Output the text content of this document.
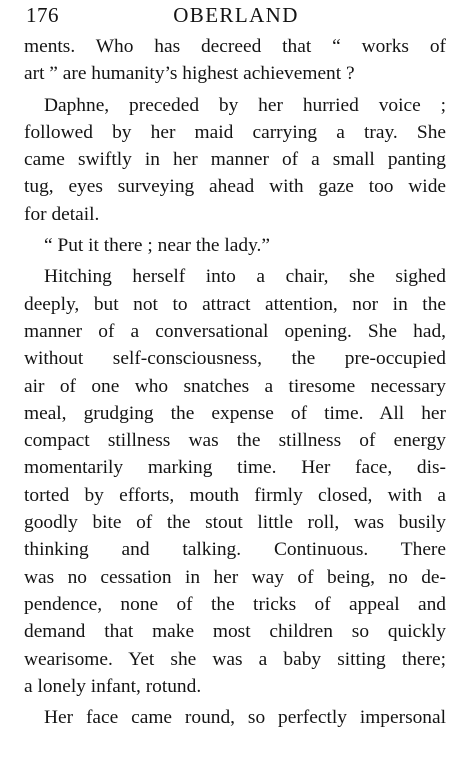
176	OBERLAND
ments. Who has decreed that “ works of
art ” are humanity’s highest achievement ?
Daphne, preceded by her hurried voice ;
followed by her maid carrying a tray. She
came swiftly in her manner of a small panting
tug, eyes surveying ahead with gaze too wide
for detail.
“ Put it there ; near the lady.”
Hitching herself into a chair, she sighed
deeply, but not to attract attention, nor in the
manner of a conversational opening. She had,
without self-consciousness, the pre-occupied
air of one who snatches a tiresome necessary
meal, grudging the expense of time. All her
compact stillness was the stillness of energy
momentarily marking time. Her face, dis-
torted by efforts, mouth firmly closed, with a
goodly bite of the stout little roll, was busily
thinking and talking. Continuous. There
was no cessation in her way of being, no de-
pendence, none of the tricks of appeal and
demand that make most children so quickly
wearisome. Yet she was a baby sitting there;
a lonely infant, rotund.
Her face came round, so perfectly impersonal
